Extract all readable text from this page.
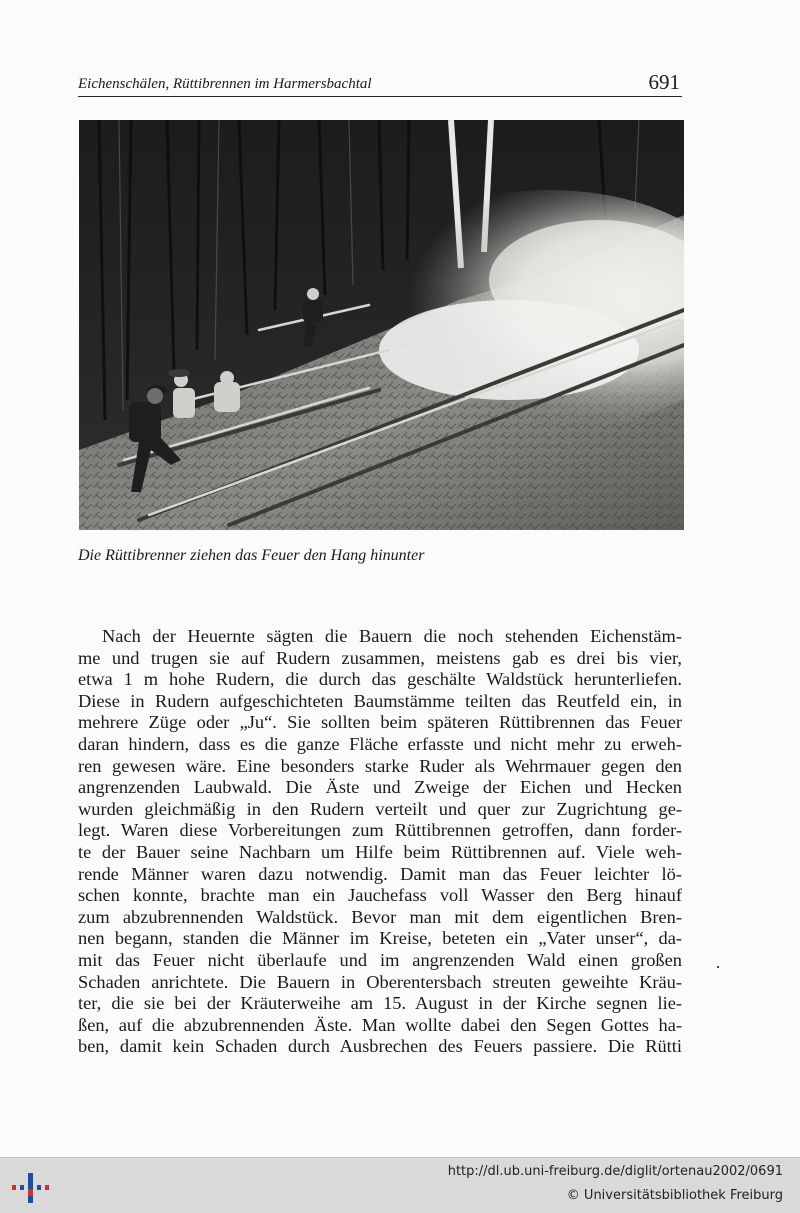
Eichenschälen, Rüttibrennen im Harmersbachtal	691
Die Rüttibrenner ziehen das Feuer den Hang hinunter
Nach der Heuernte sägten die Bauern die noch stehenden Eichenstäm-
me und trugen sie auf Rudern zusammen, meistens gab es drei bis vier,
etwa 1 m hohe Rudern, die durch das geschälte Waldstück herunterliefen.
Diese in Rudern aufgeschichteten Baumstämme teilten das Reutfeld ein, in
mehrere Züge oder „Ju“. Sie sollten beim späteren Rüttibrennen das Feuer
daran hindern, dass es die ganze Fläche erfasste und nicht mehr zu erweh-
ren gewesen wäre. Eine besonders starke Ruder als Wehrmauer gegen den
angrenzenden Laubwald. Die Äste und Zweige der Eichen und Hecken
wurden gleichmäßig in den Rudern verteilt und quer zur Zugrichtung ge-
legt. Waren diese Vorbereitungen zum Rüttibrennen getroffen, dann forder-
te der Bauer seine Nachbarn um Hilfe beim Rüttibrennen auf. Viele weh-
rende Männer waren dazu notwendig. Damit man das Feuer leichter lö-
schen konnte, brachte man ein Jauchefass voll Wasser den Berg hinauf
zum abzubrennenden Waldstück. Bevor man mit dem eigentlichen Bren-
nen begann, standen die Männer im Kreise, beteten ein „Vater unser“, da-
mit das Feuer nicht überlaufe und im angrenzenden Wald einen großen
Schaden anrichtete. Die Bauern in Oberentersbach streuten geweihte Kräu-
ter, die sie bei der Kräuterweihe am 15. August in der Kirche segnen lie-
ßen, auf die abzubrennenden Äste. Man wollte dabei den Segen Gottes ha-
ben, damit kein Schaden durch Ausbrechen des Feuers passiere. Die Rütti
http://dl.ub.uni-freiburg.de/diglit/ortenau2002/0691
© Universitätsbibliothek Freiburg
